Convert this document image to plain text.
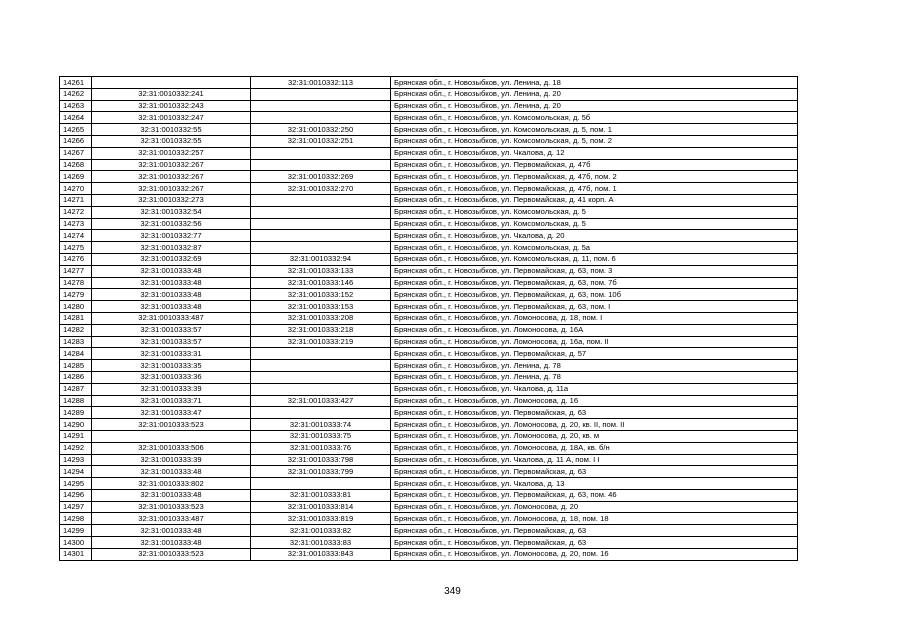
14261		32:31:0010332:113	Брянская обл., г. Новозыбков, ул. Ленина, д. 18
14262	32:31:0010332:241		Брянская обл., г. Новозыбков, ул. Ленина, д. 20
14263	32:31:0010332:243		Брянская обл., г. Новозыбков, ул. Ленина, д. 20
14264	32:31:0010332:247		Брянская обл., г. Новозыбков, ул. Комсомольская, д. 5б
14265	32:31:0010332:55	32:31:0010332:250	Брянская обл., г. Новозыбков, ул. Комсомольская, д. 5, пом. 1
14266	32:31:0010332:55	32:31:0010332:251	Брянская обл., г. Новозыбков, ул. Комсомольская, д. 5, пом. 2
14267	32:31:0010332:257		Брянская обл., г. Новозыбков, ул. Чкалова, д. 12
14268	32:31:0010332:267		Брянская обл., г. Новозыбков, ул. Первомайская, д. 47б
14269	32:31:0010332:267	32:31:0010332:269	Брянская обл., г. Новозыбков, ул. Первомайская, д. 47б, пом. 2
14270	32:31:0010332:267	32:31:0010332:270	Брянская обл., г. Новозыбков, ул. Первомайская, д. 47б, пом. 1
14271	32:31:0010332:273		Брянская обл., г. Новозыбков, ул. Первомайская, д. 41 корп. А
14272	32:31:0010332:54		Брянская обл., г. Новозыбков, ул. Комсомольская, д. 5
14273	32:31:0010332:56		Брянская обл., г. Новозыбков, ул. Комсомольская, д. 5
14274	32:31:0010332:77		Брянская обл., г. Новозыбков, ул. Чкалова, д. 20
14275	32:31:0010332:87		Брянская обл., г. Новозыбков, ул. Комсомольская, д. 5а
14276	32:31:0010332:69	32:31:0010332:94	Брянская обл., г. Новозыбков, ул. Комсомольская, д. 11, пом. 6
14277	32:31:0010333:48	32:31:0010333:133	Брянская обл., г. Новозыбков, ул. Первомайская, д. 63, пом. 3
14278	32:31:0010333:48	32:31:0010333:146	Брянская обл., г. Новозыбков, ул. Первомайская, д. 63, пом. 7б
14279	32:31:0010333:48	32:31:0010333:152	Брянская обл., г. Новозыбков, ул. Первомайская, д. 63, пом. 10б
14280	32:31:0010333:48	32:31:0010333:153	Брянская обл., г. Новозыбков, ул. Первомайская, д. 63, пом. I
14281	32:31:0010333:487	32:31:0010333:208	Брянская обл., г. Новозыбков, ул. Ломоносова, д. 18, пом. I
14282	32:31:0010333:57	32:31:0010333:218	Брянская обл., г. Новозыбков, ул. Ломоносова, д. 16А
14283	32:31:0010333:57	32:31:0010333:219	Брянская обл., г. Новозыбков, ул. Ломоносова, д. 16а, пом. II
14284	32:31:0010333:31		Брянская обл., г. Новозыбков, ул. Первомайская, д. 57
14285	32:31:0010333:35		Брянская обл., г. Новозыбков, ул. Ленина, д. 78
14286	32:31:0010333:36		Брянская обл., г. Новозыбков, ул. Ленина, д. 78
14287	32:31:0010333:39		Брянская обл., г. Новозыбков, ул. Чкалова, д. 11а
14288	32:31:0010333:71	32:31:0010333:427	Брянская обл., г. Новозыбков, ул. Ломоносова, д. 16
14289	32:31:0010333:47		Брянская обл., г. Новозыбков, ул. Первомайская, д. 63
14290	32:31:0010333:523	32:31:0010333:74	Брянская обл., г. Новозыбков, ул. Ломоносова, д. 20, кв. II, пом. II
14291		32:31:0010333:75	Брянская обл., г. Новозыбков, ул. Ломоносова, д. 20, кв. м
14292	32:31:0010333:506	32:31:0010333:76	Брянская обл., г. Новозыбков, ул. Ломоносова, д. 18А, кв. б/н
14293	32:31:0010333:39	32:31:0010333:798	Брянская обл., г. Новозыбков, ул. Чкалова, д. 11 А, пом. I I
14294	32:31:0010333:48	32:31:0010333:799	Брянская обл., г. Новозыбков, ул. Первомайская, д. 63
14295	32:31:0010333:802		Брянская обл., г. Новозыбков, ул. Чкалова, д. 13
14296	32:31:0010333:48	32:31:0010333:81	Брянская обл., г. Новозыбков, ул. Первомайская, д. 63, пом. 46
14297	32:31:0010333:523	32:31:0010333:814	Брянская обл., г. Новозыбков, ул. Ломоносова, д. 20
14298	32:31:0010333:487	32:31:0010333:819	Брянская обл., г. Новозыбков, ул. Ломоносова, д. 18, пом. 18
14299	32:31:0010333:48	32:31:0010333:82	Брянская обл., г. Новозыбков, ул. Первомайская, д. 63
14300	32:31:0010333:48	32:31:0010333:83	Брянская обл., г. Новозыбков, ул. Первомайская, д. 63
14301	32:31:0010333:523	32:31:0010333:843	Брянская обл., г. Новозыбков, ул. Ломоносова, д. 20, пом. 16
349
